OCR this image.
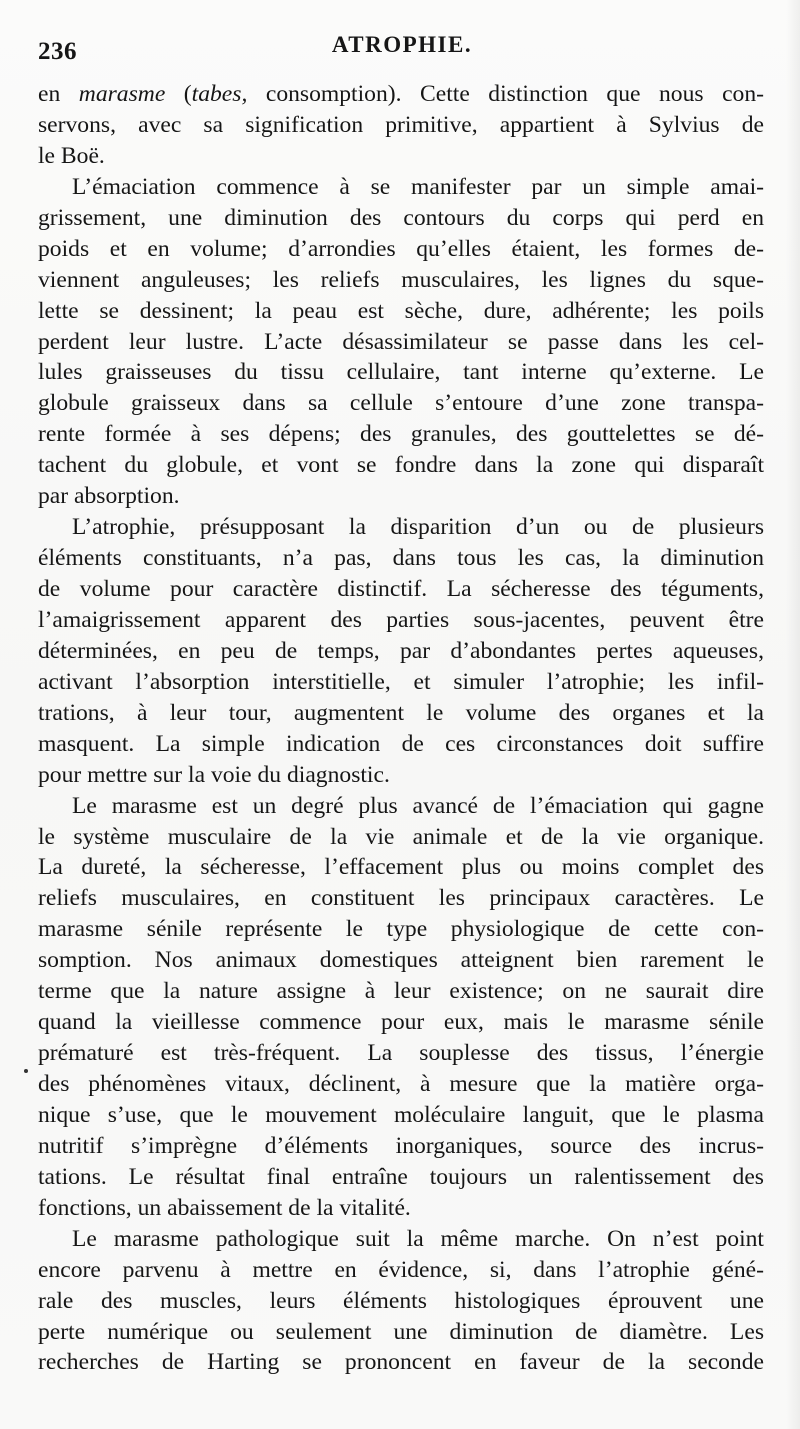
236	ATROPHIE.
en marasme (tabes, consomption). Cette distinction que nous con-
servons, avec sa signification primitive, appartient à Sylvius de
le Boë.
L’émaciation commence à se manifester par un simple amai-
grissement, une diminution des contours du corps qui perd en
poids et en volume; d’arrondies qu’elles étaient, les formes de-
viennent anguleuses; les reliefs musculaires, les lignes du sque-
lette se dessinent; la peau est sèche, dure, adhérente; les poils
perdent leur lustre. L’acte désassimilateur se passe dans les cel-
lules graisseuses du tissu cellulaire, tant interne qu’externe. Le
globule graisseux dans sa cellule s’entoure d’une zone transpa-
rente formée à ses dépens; des granules, des gouttelettes se dé-
tachent du globule, et vont se fondre dans la zone qui disparaît
par absorption.
L’atrophie, présupposant la disparition d’un ou de plusieurs
éléments constituants, n’a pas, dans tous les cas, la diminution
de volume pour caractère distinctif. La sécheresse des téguments,
l’amaigrissement apparent des parties sous-jacentes, peuvent être
déterminées, en peu de temps, par d’abondantes pertes aqueuses,
activant l’absorption interstitielle, et simuler l’atrophie; les infil-
trations, à leur tour, augmentent le volume des organes et la
masquent. La simple indication de ces circonstances doit suffire
pour mettre sur la voie du diagnostic.
Le marasme est un degré plus avancé de l’émaciation qui gagne
le système musculaire de la vie animale et de la vie organique.
La dureté, la sécheresse, l’effacement plus ou moins complet des
reliefs musculaires, en constituent les principaux caractères. Le
marasme sénile représente le type physiologique de cette con-
somption. Nos animaux domestiques atteignent bien rarement le
terme que la nature assigne à leur existence; on ne saurait dire
quand la vieillesse commence pour eux, mais le marasme sénile
prématuré est très-fréquent. La souplesse des tissus, l’énergie
des phénomènes vitaux, déclinent, à mesure que la matière orga-
nique s’use, que le mouvement moléculaire languit, que le plasma
nutritif s’imprègne d’éléments inorganiques, source des incrus-
tations. Le résultat final entraîne toujours un ralentissement des
fonctions, un abaissement de la vitalité.
Le marasme pathologique suit la même marche. On n’est point
encore parvenu à mettre en évidence, si, dans l’atrophie géné-
rale des muscles, leurs éléments histologiques éprouvent une
perte numérique ou seulement une diminution de diamètre. Les
recherches de Harting se prononcent en faveur de la seconde
